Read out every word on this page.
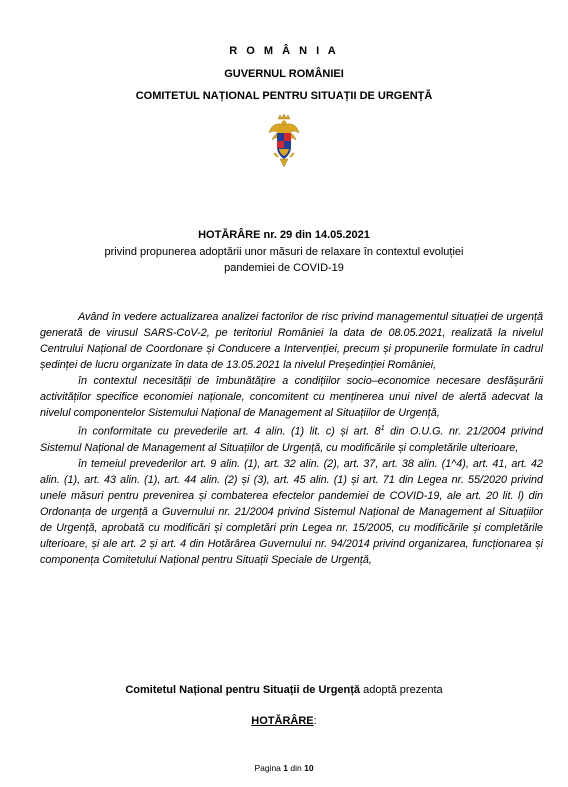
R O M Â N I A
GUVERNUL ROMÂNIEI
COMITETUL NAȚIONAL PENTRU SITUAȚII DE URGENȚĂ
HOTĂRÂRE nr. 29 din 14.05.2021
privind propunerea adoptării unor măsuri de relaxare în contextul evoluției
pandemiei de COVID-19

Având în vedere actualizarea analizei factorilor de risc privind managementul situației de urgență generată de virusul SARS-CoV-2, pe teritoriul României la data de 08.05.2021, realizată la nivelul Centrului Național de Coordonare și Conducere a Intervenției, precum și propunerile formulate în cadrul ședinței de lucru organizate în data de 13.05.2021 la nivelul Președinției României,

în contextul necesității de îmbunătățire a condițiilor socio–economice necesare desfășurării activităților specifice economiei naționale, concomitent cu menținerea unui nivel de alertă adecvat la nivelul componentelor Sistemului Național de Management al Situațiilor de Urgență,

în conformitate cu prevederile art. 4 alin. (1) lit. c) și art. $8^1$ din O.U.G. nr. 21/2004 privind Sistemul Național de Management al Situațiilor de Urgență, cu modificările și completările ulterioare,

în temeiul prevederilor art. 9 alin. (1), art. 32 alin. (2), art. 37, art. 38 alin. (1^4), art. 41, art. 42 alin. (1), art. 43 alin. (1), art. 44 alin. (2) și (3), art. 45 alin. (1) și art. 71 din Legea nr. 55/2020 privind unele măsuri pentru prevenirea și combaterea efectelor pandemiei de COVID-19, ale art. 20 lit. l) din Ordonanța de urgență a Guvernului nr. 21/2004 privind Sistemul Național de Management al Situațiilor de Urgență, aprobată cu modificări și completări prin Legea nr. 15/2005, cu modificările și completările ulterioare, și ale art. 2 și art. 4 din Hotărârea Guvernului nr. 94/2014 privind organizarea, funcționarea și componența Comitetului Național pentru Situații Speciale de Urgență,

Comitetul Național pentru Situații de Urgență adoptă prezenta
HOTĂRÂRE:
Pagina 1 din 10
